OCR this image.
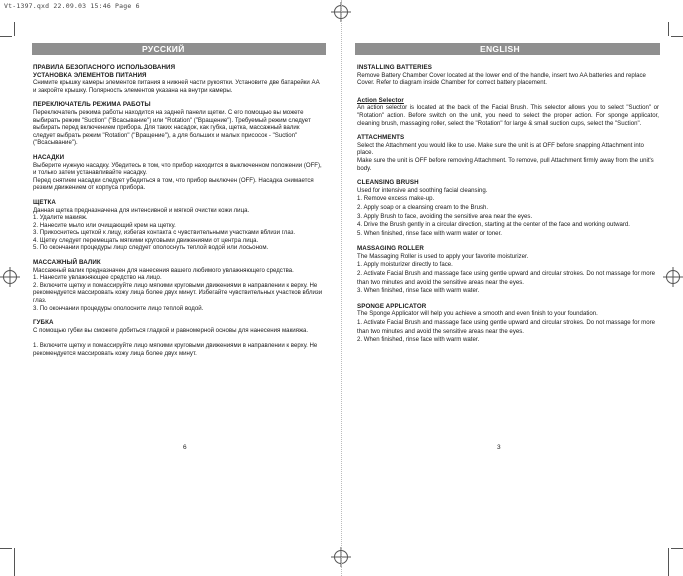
Vt-1397.qxd 22.09.03 15:46 Page 6
РУССКИЙ	ENGLISH
ПРАВИЛА БЕЗОПАСНОГО ИСПОЛЬЗОВАНИЯ
УСТАНОВКА ЭЛЕМЕНТОВ ПИТАНИЯ

Снимите крышку камеры элементов питания в нижней части рукоятки. Установите две батарейки АА и закройте крышку. Полярность элементов указана на внутри камеры.

ПЕРЕКЛЮЧАТЕЛЬ РЕЖИМА РАБОТЫ

Переключатель режима работы находится на задней панели щетки. С его помощью вы можете выбирать режим "Suction" ("Всасывание") или "Rotation" ("Вращение"). Требуемый режим следует выбирать перед включением прибора. Для таких насадок, как губка, щетка, массажный валик следует выбрать режим "Rotation" ("Вращение"), а для больших и малых присосок - "Suction" ("Всасывание").

НАСАДКИ

Выберите нужную насадку. Убедитесь в том, что прибор находится в выключенном положении (OFF), и только затем устанавливайте насадку.
Перед снятием насадки следует убедиться в том, что прибор выключен (OFF). Насадка снимается резким движением от корпуса прибора.

ЩЕТКА

Данная щетка предназначена для интенсивной и мягкой очистки кожи лица.
1. Удалите макияж.
2. Нанесите мыло или очищающий крем на щетку.
3. Прикоснитесь щеткой к лицу, избегая контакта с чувствительными участками вблизи глаз.
4. Щетку следует перемещать мягкими круговыми движениями от центра лица.
5. По окончании процедуры лицо следует ополоснуть теплой водой или лосьоном.

МАССАЖНЫЙ ВАЛИК

Массажный валик предназначен для нанесения вашего любимого увлажняющего средства.
1. Нанесите увлажняющее средство на лицо.
2. Включите щетку и помассируйте лицо мягкими круговыми движениями в направлении к верху. Не рекомендуется массировать кожу лица более двух минут. Избегайте чувствительных участков вблизи глаз.
3. По окончании процедуры ополосните лицо теплой водой.

ГУБКА

С помощью губки вы сможете добиться гладкой и равномерной основы для нанесения макияжа.

1. Включите щетку и помассируйте лицо мягкими круговыми движениями в направлении к верху. Не рекомендуется массировать кожу лица более двух минут.

INSTALLING BATTERIES

Remove Battery Chamber Cover located at the lower end of the handle, insert two AA batteries and replace Cover. Refer to diagram inside Chamber for correct battery placement.

Action Selector

An action selector is located at the back of the Facial Brush. This selector allows you to select "Suction" or "Rotation" action. Before switch on the unit, you need to select the proper action. For sponge applicator, cleaning brush, massaging roller, select the "Rotation" for large & small suction cups, select the "Suction".

ATTACHMENTS

Select the Attachment you would like to use. Make sure the unit is at OFF before snapping Attachment into place.
Make sure the unit is OFF before removing Attachment. To remove, pull Attachment firmly away from the unit's body.

CLEANSING BRUSH

Used for intensive and soothing facial cleansing.
1. Remove excess make-up.
2. Apply soap or a cleansing cream to the Brush.
3. Apply Brush to face, avoiding the sensitive area near the eyes.
4. Drive the Brush gently in a circular direction, starting at the center of the face and working outward.
5. When finished, rinse face with warm water or toner.

MASSAGING ROLLER

The Massaging Roller is used to apply your favorite moisturizer.
1. Apply moisturizer directly to face.
2. Activate Facial Brush and massage face using gentle upward and circular strokes. Do not massage for more than two minutes and avoid the sensitive areas near the eyes.
3. When finished, rinse face with warm water.

SPONGE APPLICATOR

The Sponge Applicator will help you achieve a smooth and even finish to your foundation.
1. Activate Facial Brush and massage face using gentle upward and circular strokes. Do not massage for more than two minutes and avoid the sensitive areas near the eyes.
2. When finished, rinse face with warm water.

6	3
